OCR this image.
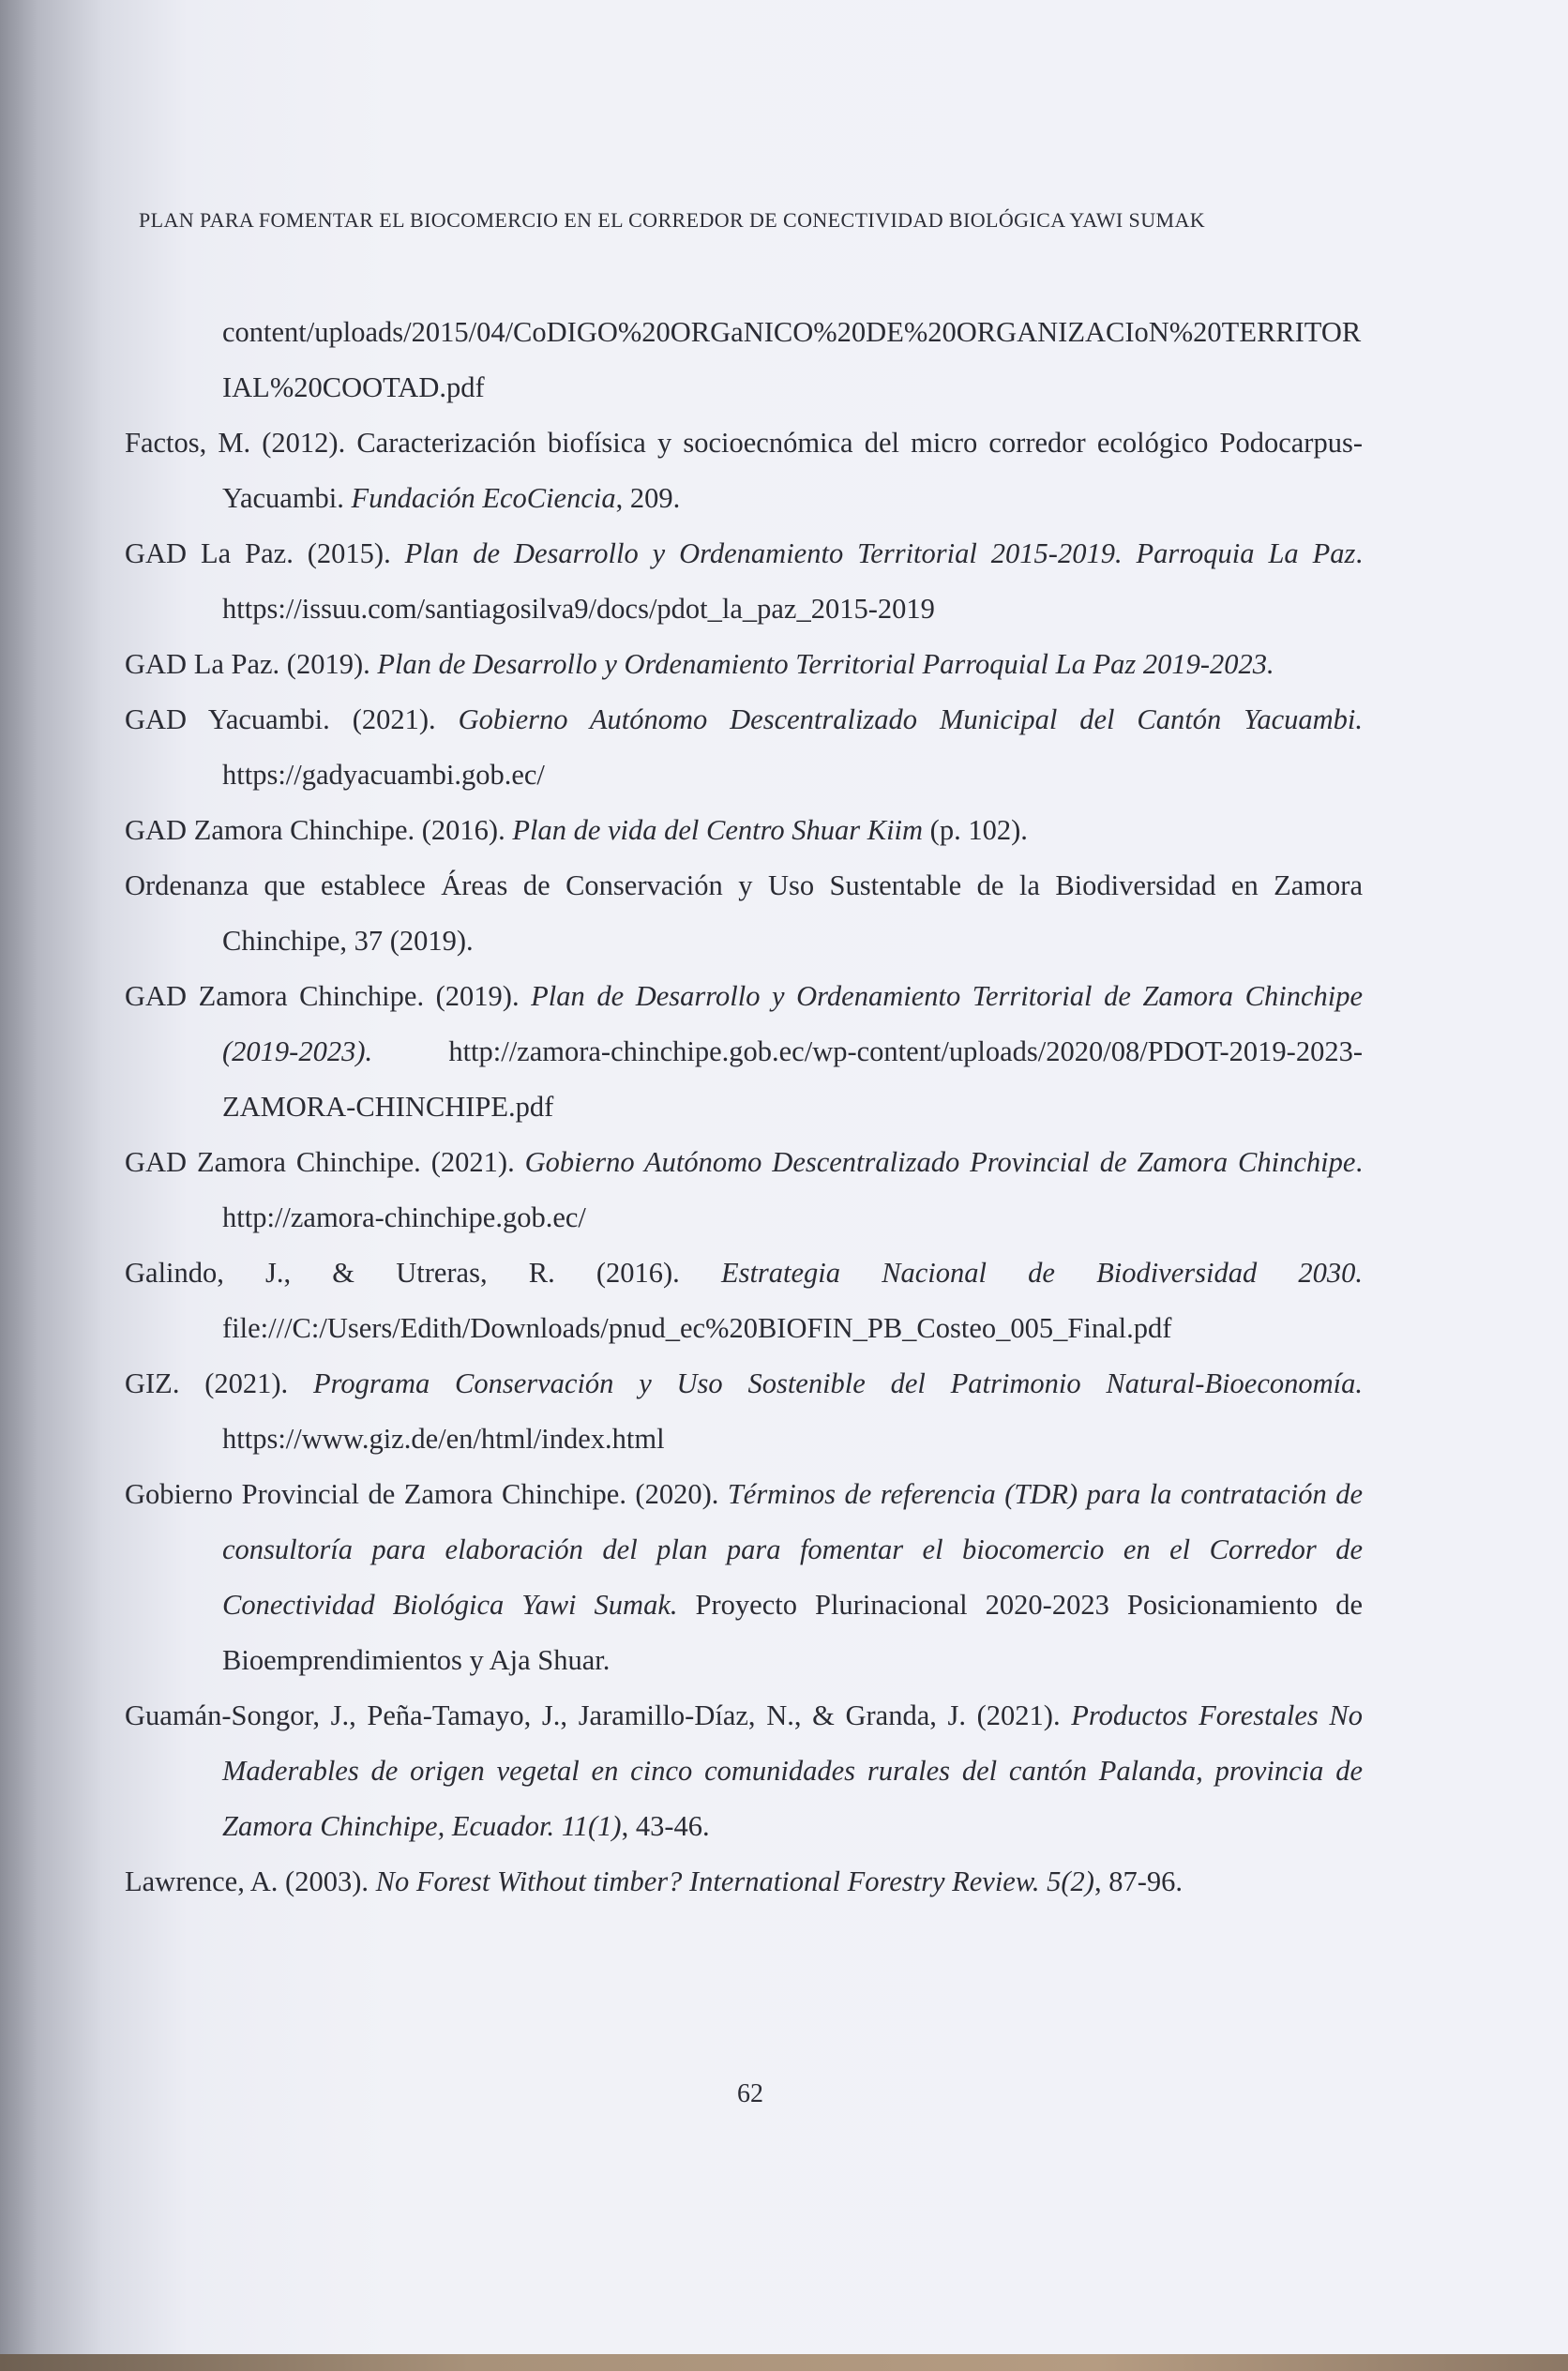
PLAN PARA FOMENTAR EL BIOCOMERCIO EN EL CORREDOR DE CONECTIVIDAD BIOLÓGICA YAWI SUMAK
content/uploads/2015/04/CoDIGO%20ORGaNICO%20DE%20ORGANIZACIoN%20TERRITORIAL%20COOTAD.pdf
Factos, M. (2012). Caracterización biofísica y socioecnómica del micro corredor ecológico Podocarpus-Yacuambi. Fundación EcoCiencia, 209.
GAD La Paz. (2015). Plan de Desarrollo y Ordenamiento Territorial 2015-2019. Parroquia La Paz. https://issuu.com/santiagosilva9/docs/pdot_la_paz_2015-2019
GAD La Paz. (2019). Plan de Desarrollo y Ordenamiento Territorial Parroquial La Paz 2019-2023.
GAD Yacuambi. (2021). Gobierno Autónomo Descentralizado Municipal del Cantón Yacuambi. https://gadyacuambi.gob.ec/
GAD Zamora Chinchipe. (2016). Plan de vida del Centro Shuar Kiim (p. 102).
Ordenanza que establece Áreas de Conservación y Uso Sustentable de la Biodiversidad en Zamora Chinchipe, 37 (2019).
GAD Zamora Chinchipe. (2019). Plan de Desarrollo y Ordenamiento Territorial de Zamora Chinchipe (2019-2023). http://zamora-chinchipe.gob.ec/wp-content/uploads/2020/08/PDOT-2019-2023-ZAMORA-CHINCHIPE.pdf
GAD Zamora Chinchipe. (2021). Gobierno Autónomo Descentralizado Provincial de Zamora Chinchipe. http://zamora-chinchipe.gob.ec/
Galindo, J., & Utreras, R. (2016). Estrategia Nacional de Biodiversidad 2030. file:///C:/Users/Edith/Downloads/pnud_ec%20BIOFIN_PB_Costeo_005_Final.pdf
GIZ. (2021). Programa Conservación y Uso Sostenible del Patrimonio Natural-Bioeconomía. https://www.giz.de/en/html/index.html
Gobierno Provincial de Zamora Chinchipe. (2020). Términos de referencia (TDR) para la contratación de consultoría para elaboración del plan para fomentar el biocomercio en el Corredor de Conectividad Biológica Yawi Sumak. Proyecto Plurinacional 2020-2023 Posicionamiento de Bioemprendimientos y Aja Shuar.
Guamán-Songor, J., Peña-Tamayo, J., Jaramillo-Díaz, N., & Granda, J. (2021). Productos Forestales No Maderables de origen vegetal en cinco comunidades rurales del cantón Palanda, provincia de Zamora Chinchipe, Ecuador. 11(1), 43-46.
Lawrence, A. (2003). No Forest Without timber? International Forestry Review. 5(2), 87-96.
62
